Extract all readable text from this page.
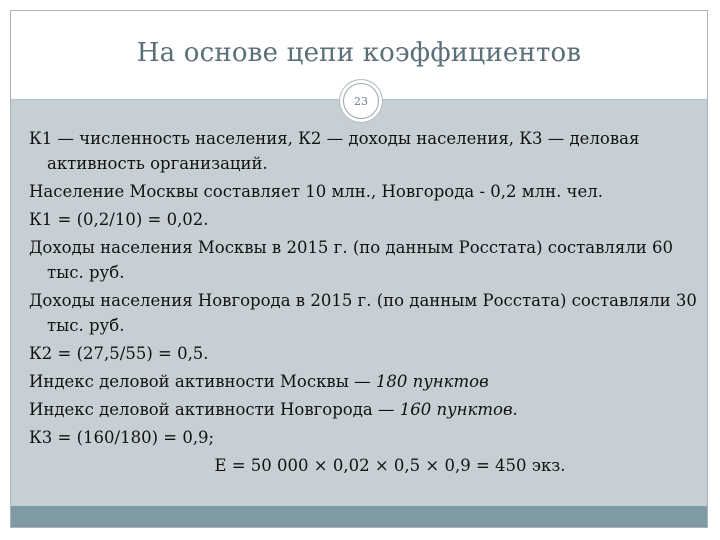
На основе цепи коэффициентов
23

К1 — численность населения, К2 — доходы населения, К3 — деловая активность организаций.

Население Москвы составляет 10 млн., Новгорода - 0,2 млн. чел.

К1 = (0,2/10) = 0,02.

Доходы населения Москвы в 2015 г. (по данным Росстата) составляли 60 тыс. руб.

Доходы населения Новгорода в 2015 г. (по данным Росстата) составляли 30 тыс. руб.

К2 = (27,5/55) = 0,5.

Индекс деловой активности Москвы — 180 пунктов

Индекс деловой активности Новгорода — 160 пунктов.

К3 = (160/180) = 0,9;

Е = 50 000 × 0,02 × 0,5 × 0,9 = 450 экз.
